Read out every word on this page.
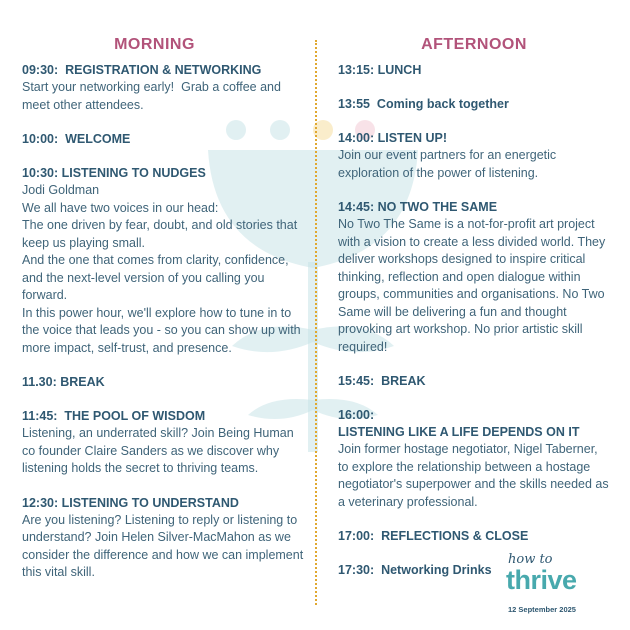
MORNING
09:30:  REGISTRATION & NETWORKING
Start your networking early!  Grab a coffee and meet other attendees.
10:00:  WELCOME
10:30: LISTENING TO NUDGES
Jodi Goldman
We all have two voices in our head:
The one driven by fear, doubt, and old stories that keep us playing small.
And the one that comes from clarity, confidence, and the next-level version of you calling you forward.
In this power hour, we'll explore how to tune in to the voice that leads you - so you can show up with more impact, self-trust, and presence.
11.30: BREAK
11:45:  THE POOL OF WISDOM
Listening, an underrated skill? Join Being Human co founder Claire Sanders as we discover why listening holds the secret to thriving teams.
12:30: LISTENING TO UNDERSTAND
Are you listening? Listening to reply or listening to understand? Join Helen Silver-MacMahon as we consider the difference and how we can implement this vital skill.
AFTERNOON
13:15: LUNCH
13:55  Coming back together
14:00: LISTEN UP!
Join our event partners for an energetic exploration of the power of listening.
14:45: NO TWO THE SAME
No Two The Same is a not-for-profit art project with a vision to create a less divided world. They deliver workshops designed to inspire critical thinking, reflection and open dialogue within groups, communities and organisations. No Two Same will be delivering a fun and thought provoking art workshop. No prior artistic skill required!
15:45:  BREAK
16:00:
LISTENING LIKE A LIFE DEPENDS ON IT
Join former hostage negotiator, Nigel Taberner, to explore the relationship between a hostage negotiator's superpower and the skills needed as a veterinary professional.
17:00:  REFLECTIONS & CLOSE
17:30:  Networking Drinks
how to
thrive
12 September 2025
